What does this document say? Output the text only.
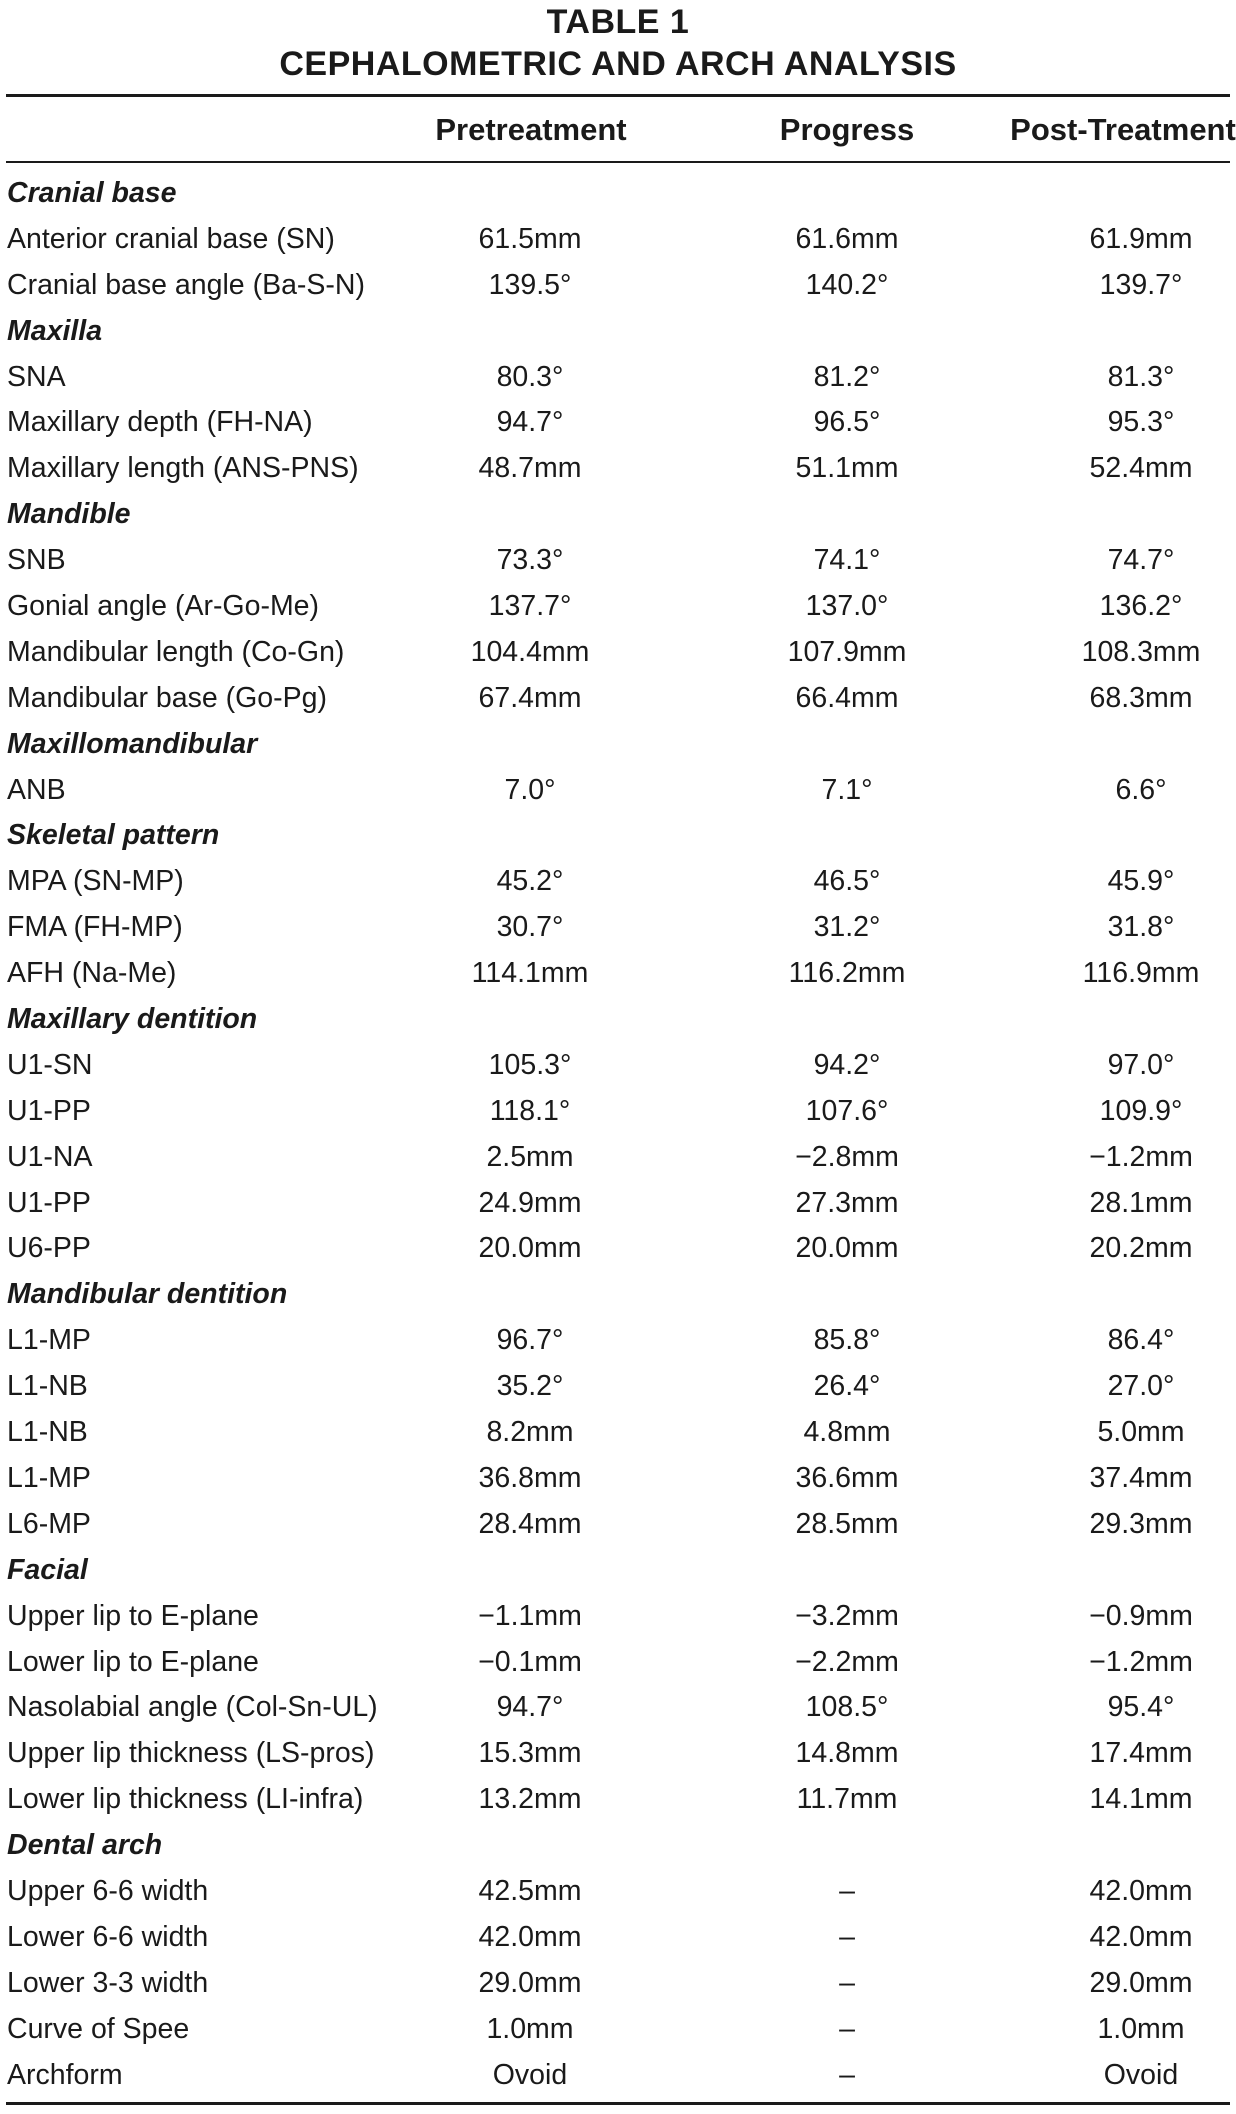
TABLE 1
CEPHALOMETRIC AND ARCH ANALYSIS
Pretreatment	Progress	Post-Treatment
Cranial base
Anterior cranial base (SN)	61.5mm	61.6mm	61.9mm
Cranial base angle (Ba-S-N)	139.5°	140.2°	139.7°
Maxilla
SNA	80.3°	81.2°	81.3°
Maxillary depth (FH-NA)	94.7°	96.5°	95.3°
Maxillary length (ANS-PNS)	48.7mm	51.1mm	52.4mm
Mandible
SNB	73.3°	74.1°	74.7°
Gonial angle (Ar-Go-Me)	137.7°	137.0°	136.2°
Mandibular length (Co-Gn)	104.4mm	107.9mm	108.3mm
Mandibular base (Go-Pg)	67.4mm	66.4mm	68.3mm
Maxillomandibular
ANB	7.0°	7.1°	6.6°
Skeletal pattern
MPA (SN-MP)	45.2°	46.5°	45.9°
FMA (FH-MP)	30.7°	31.2°	31.8°
AFH (Na-Me)	114.1mm	116.2mm	116.9mm
Maxillary dentition
U1-SN	105.3°	94.2°	97.0°
U1-PP	118.1°	107.6°	109.9°
U1-NA	2.5mm	−2.8mm	−1.2mm
U1-PP	24.9mm	27.3mm	28.1mm
U6-PP	20.0mm	20.0mm	20.2mm
Mandibular dentition
L1-MP	96.7°	85.8°	86.4°
L1-NB	35.2°	26.4°	27.0°
L1-NB	8.2mm	4.8mm	5.0mm
L1-MP	36.8mm	36.6mm	37.4mm
L6-MP	28.4mm	28.5mm	29.3mm
Facial
Upper lip to E-plane	−1.1mm	−3.2mm	−0.9mm
Lower lip to E-plane	−0.1mm	−2.2mm	−1.2mm
Nasolabial angle (Col-Sn-UL)	94.7°	108.5°	95.4°
Upper lip thickness (LS-pros)	15.3mm	14.8mm	17.4mm
Lower lip thickness (LI-infra)	13.2mm	11.7mm	14.1mm
Dental arch
Upper 6-6 width	42.5mm	–	42.0mm
Lower 6-6 width	42.0mm	–	42.0mm
Lower 3-3 width	29.0mm	–	29.0mm
Curve of Spee	1.0mm	–	1.0mm
Archform	Ovoid	–	Ovoid
